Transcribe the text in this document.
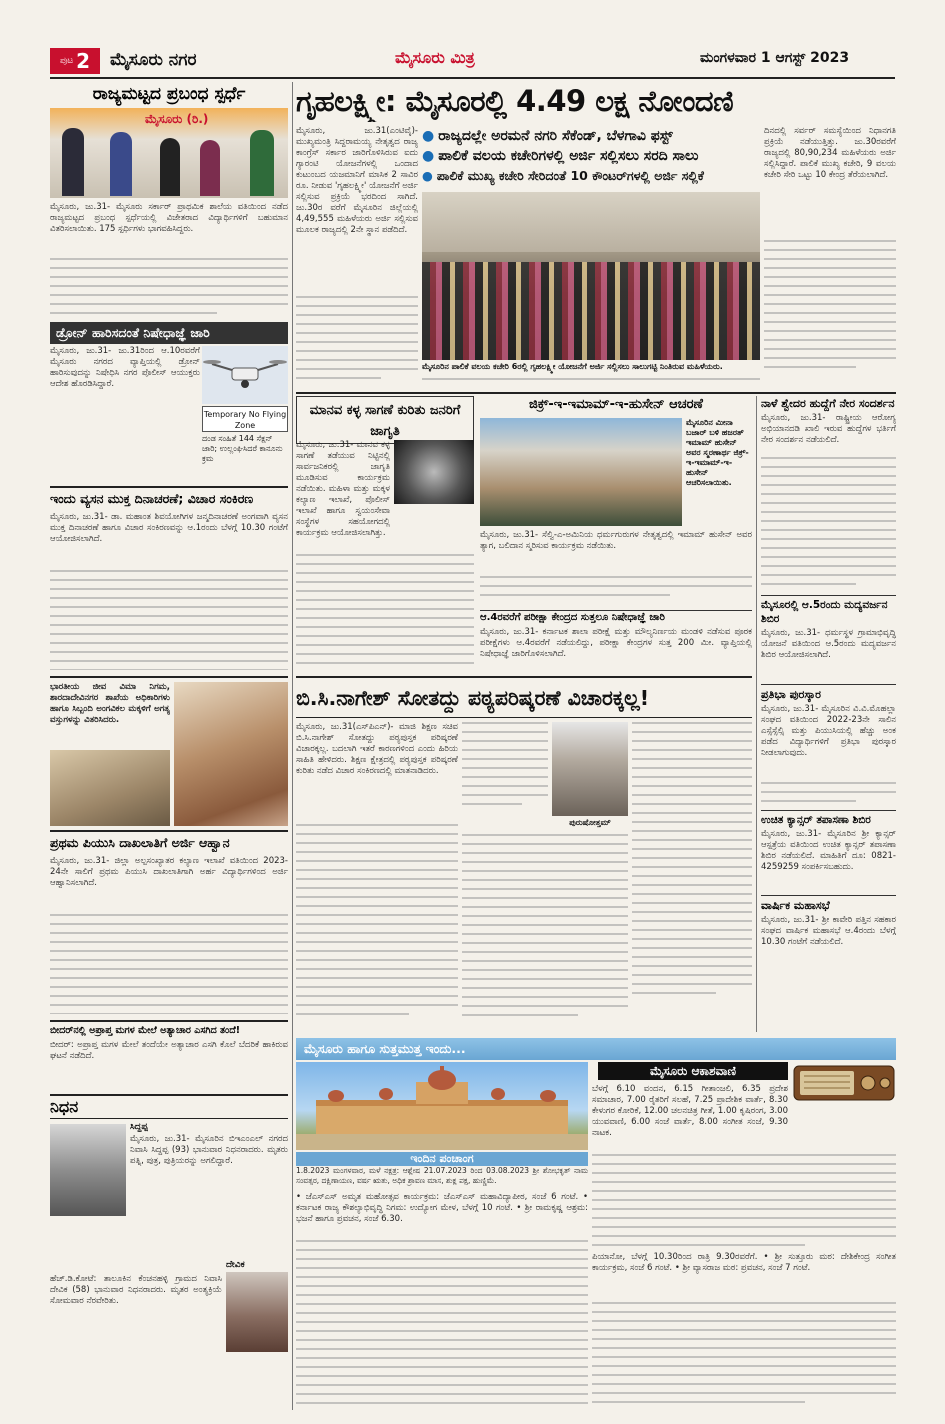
ಪುಟ 2 ಮೈಸೂರು ನಗರ	ಮೈಸೂರು ಮಿತ್ರ	ಮಂಗಳವಾರ 1 ಆಗಸ್ಟ್ 2023
ರಾಜ್ಯಮಟ್ಟದ ಪ್ರಬಂಧ ಸ್ಪರ್ಧೆ
ಮೈಸೂರು (ರಿ.)
ಮೈಸೂರು, ಜು.31- ಮೈಸೂರು ಸರ್ಕಾರ್ ಪ್ರಾಥಮಿಕ ಶಾಲೆಯ ವತಿಯಿಂದ ನಡೆದ ರಾಜ್ಯಮಟ್ಟದ ಪ್ರಬಂಧ ಸ್ಪರ್ಧೆಯಲ್ಲಿ ವಿಜೇತರಾದ ವಿದ್ಯಾರ್ಥಿಗಳಿಗೆ ಬಹುಮಾನ ವಿತರಿಸಲಾಯಿತು. 175 ಸ್ಪರ್ಧಿಗಳು ಭಾಗವಹಿಸಿದ್ದರು.
ಡ್ರೋನ್ ಹಾರಿಸದಂತೆ ನಿಷೇಧಾಜ್ಞೆ ಜಾರಿ
ಮೈಸೂರು, ಜು.31- ಜು.31ರಿಂದ ಆ.10ರವರೆಗೆ ಮೈಸೂರು ನಗರದ ವ್ಯಾಪ್ತಿಯಲ್ಲಿ ಡ್ರೋನ್ ಹಾರಿಸುವುದನ್ನು ನಿಷೇಧಿಸಿ ನಗರ ಪೊಲೀಸ್ ಆಯುಕ್ತರು ಆದೇಶ ಹೊರಡಿಸಿದ್ದಾರೆ.
Temporary No Flying Zone
ದಂಡ ಸಂಹಿತೆ 144 ಸೆಕ್ಷನ್ ಜಾರಿ; ಉಲ್ಲಂಘಿಸಿದರೆ ಕಾನೂನು ಕ್ರಮ
ಇಂದು ವ್ಯಸನ ಮುಕ್ತ ದಿನಾಚರಣೆ; ವಿಚಾರ ಸಂಕಿರಣ
ಮೈಸೂರು, ಜು.31- ಡಾ. ಮಹಾಂತ ಶಿವಯೋಗಿಗಳ ಜನ್ಮದಿನಾಚರಣೆ ಅಂಗವಾಗಿ ವ್ಯಸನ ಮುಕ್ತ ದಿನಾಚರಣೆ ಹಾಗೂ ವಿಚಾರ ಸಂಕಿರಣವನ್ನು ಆ.1ರಂದು ಬೆಳಗ್ಗೆ 10.30 ಗಂಟೆಗೆ ಆಯೋಜಿಸಲಾಗಿದೆ.
ಭಾರತೀಯ ಜೀವ ವಿಮಾ ನಿಗಮ, ಶಾರದಾದೇವಿನಗರ ಶಾಖೆಯ ಅಧಿಕಾರಿಗಳು ಹಾಗೂ ಸಿಬ್ಬಂದಿ ಅಂಗವಿಕಲ ಮಕ್ಕಳಿಗೆ ಅಗತ್ಯ ವಸ್ತುಗಳನ್ನು ವಿತರಿಸಿದರು.
ಪ್ರಥಮ ಪಿಯುಸಿ ದಾಖಲಾತಿಗೆ ಅರ್ಜಿ ಆಹ್ವಾನ
ಮೈಸೂರು, ಜು.31- ಜಿಲ್ಲಾ ಅಲ್ಪಸಂಖ್ಯಾತರ ಕಲ್ಯಾಣ ಇಲಾಖೆ ವತಿಯಿಂದ 2023-24ನೇ ಸಾಲಿಗೆ ಪ್ರಥಮ ಪಿಯುಸಿ ದಾಖಲಾತಿಗಾಗಿ ಅರ್ಹ ವಿದ್ಯಾರ್ಥಿಗಳಿಂದ ಅರ್ಜಿ ಆಹ್ವಾನಿಸಲಾಗಿದೆ.
ಬೀದರ್‌ನಲ್ಲಿ ಅಪ್ರಾಪ್ತ ಮಗಳ ಮೇಲೆ ಅತ್ಯಾಚಾರ ಎಸಗಿದ ತಂದೆ!
ಬೀದರ್: ಅಪ್ರಾಪ್ತ ಮಗಳ ಮೇಲೆ ತಂದೆಯೇ ಅತ್ಯಾಚಾರ ಎಸಗಿ ಕೊಲೆ ಬೆದರಿಕೆ ಹಾಕಿರುವ ಘಟನೆ ನಡೆದಿದೆ.
ನಿಧನ
ಸಿದ್ದಪ್ಪ
ಮೈಸೂರು, ಜು.31- ಮೈಸೂರಿನ ಬಿಇಎಂಎಲ್ ನಗರದ ನಿವಾಸಿ ಸಿದ್ದಪ್ಪ (93) ಭಾನುವಾರ ನಿಧನರಾದರು. ಮೃತರು ಪತ್ನಿ, ಪುತ್ರ, ಪುತ್ರಿಯರನ್ನು ಅಗಲಿದ್ದಾರೆ.
ದೇವಿಕ
ಹೆಚ್.ಡಿ.ಕೋಟೆ: ತಾಲೂಕಿನ ಕೆಂಚನಹಳ್ಳಿ ಗ್ರಾಮದ ನಿವಾಸಿ ದೇವಿಕ (58) ಭಾನುವಾರ ನಿಧನರಾದರು. ಮೃತರ ಅಂತ್ಯಕ್ರಿಯೆ ಸೋಮವಾರ ನೆರವೇರಿತು.
ಗೃಹಲಕ್ಷ್ಮೀ: ಮೈಸೂರಲ್ಲಿ 4.49 ಲಕ್ಷ ನೋಂದಣಿ
ಮೈಸೂರು, ಜು.31(ಎಂಟಿವೈ)- ಮುಖ್ಯಮಂತ್ರಿ ಸಿದ್ದರಾಮಯ್ಯ ನೇತೃತ್ವದ ರಾಜ್ಯ ಕಾಂಗ್ರೆಸ್ ಸರ್ಕಾರ ಜಾರಿಗೊಳಿಸಿರುವ ಐದು ಗ್ಯಾರಂಟಿ ಯೋಜನೆಗಳಲ್ಲಿ ಒಂದಾದ ಕುಟುಂಬದ ಯಜಮಾನಿಗೆ ಮಾಸಿಕ 2 ಸಾವಿರ ರೂ. ನೀಡುವ 'ಗೃಹಲಕ್ಷ್ಮೀ' ಯೋಜನೆಗೆ ಅರ್ಜಿ ಸಲ್ಲಿಸುವ ಪ್ರಕ್ರಿಯೆ ಭರದಿಂದ ಸಾಗಿದೆ. ಜು.30ರ ವರೆಗೆ ಮೈಸೂರಿನ ಜಿಲ್ಲೆಯಲ್ಲಿ 4,49,555 ಮಹಿಳೆಯರು ಅರ್ಜಿ ಸಲ್ಲಿಸುವ ಮೂಲಕ ರಾಜ್ಯದಲ್ಲಿ 2ನೇ ಸ್ಥಾನ ಪಡೆದಿದೆ.
● ರಾಜ್ಯದಲ್ಲೇ ಅರಮನೆ ನಗರಿ ಸೆಕೆಂಡ್, ಬೆಳಗಾವಿ ಫಸ್ಟ್
● ಪಾಲಿಕೆ ವಲಯ ಕಚೇರಿಗಳಲ್ಲಿ ಅರ್ಜಿ ಸಲ್ಲಿಸಲು ಸರದಿ ಸಾಲು
● ಪಾಲಿಕೆ ಮುಖ್ಯ ಕಚೇರಿ ಸೇರಿದಂತೆ 10 ಕೌಂಟರ್‌ಗಳಲ್ಲಿ ಅರ್ಜಿ ಸಲ್ಲಿಕೆ
ಮೈಸೂರಿನ ಪಾಲಿಕೆ ವಲಯ ಕಚೇರಿ 6ರಲ್ಲಿ ಗೃಹಲಕ್ಷ್ಮೀ ಯೋಜನೆಗೆ ಅರ್ಜಿ ಸಲ್ಲಿಸಲು ಸಾಲುಗಟ್ಟಿ ನಿಂತಿರುವ ಮಹಿಳೆಯರು.
ದಿನದಲ್ಲಿ ಸರ್ವರ್ ಸಮಸ್ಯೆಯಿಂದ ನಿಧಾನಗತಿ ಪ್ರಕ್ರಿಯೆ ನಡೆಯುತ್ತಿತ್ತು. ಜು.30ರವರೆಗೆ ರಾಜ್ಯದಲ್ಲಿ 80,90,234 ಮಹಿಳೆಯರು ಅರ್ಜಿ ಸಲ್ಲಿಸಿದ್ದಾರೆ. ಪಾಲಿಕೆ ಮುಖ್ಯ ಕಚೇರಿ, 9 ವಲಯ ಕಚೇರಿ ಸೇರಿ ಒಟ್ಟು 10 ಕೇಂದ್ರ ತೆರೆಯಲಾಗಿದೆ.
ಮಾನವ ಕಳ್ಳ ಸಾಗಣೆ ಕುರಿತು ಜನರಿಗೆ ಜಾಗೃತಿ
ಮೈಸೂರು, ಜು.31- ಮಾನವ ಕಳ್ಳ ಸಾಗಣೆ ತಡೆಯುವ ನಿಟ್ಟಿನಲ್ಲಿ ಸಾರ್ವಜನಿಕರಲ್ಲಿ ಜಾಗೃತಿ ಮೂಡಿಸುವ ಕಾರ್ಯಕ್ರಮ ನಡೆಯಿತು. ಮಹಿಳಾ ಮತ್ತು ಮಕ್ಕಳ ಕಲ್ಯಾಣ ಇಲಾಖೆ, ಪೊಲೀಸ್ ಇಲಾಖೆ ಹಾಗೂ ಸ್ವಯಂಸೇವಾ ಸಂಸ್ಥೆಗಳ ಸಹಯೋಗದಲ್ಲಿ ಕಾರ್ಯಕ್ರಮ ಆಯೋಜಿಸಲಾಗಿತ್ತು.
ಜಿಕ್ರ್-ಇ-ಇಮಾಮ್-ಇ-ಹುಸೇನ್ ಆಚರಣೆ
ಮೈಸೂರಿನ ಮೀನಾ ಬಜಾರ್ ಬಳಿ ಹಜರತ್ ಇಮಾಮ್ ಹುಸೇನ್ ಅವರ ಸ್ಮರಣಾರ್ಥ ಜಿಕ್ರ್-ಇ-ಇಮಾಮ್-ಇ-ಹುಸೇನ್ ಆಚರಿಸಲಾಯಿತು.
ಮೈಸೂರು, ಜು.31- ಸೆಲ್ವಿ-ಎ-ಅಮಿನಿಯ ಧರ್ಮಗುರುಗಳ ನೇತೃತ್ವದಲ್ಲಿ ಇಮಾಮ್ ಹುಸೇನ್ ಅವರ ತ್ಯಾಗ, ಬಲಿದಾನ ಸ್ಮರಿಸುವ ಕಾರ್ಯಕ್ರಮ ನಡೆಯಿತು.
ಆ.4ರವರೆಗೆ ಪರೀಕ್ಷಾ ಕೇಂದ್ರದ ಸುತ್ತಲೂ ನಿಷೇಧಾಜ್ಞೆ ಜಾರಿ
ಮೈಸೂರು, ಜು.31- ಕರ್ನಾಟಕ ಶಾಲಾ ಪರೀಕ್ಷೆ ಮತ್ತು ಮೌಲ್ಯನಿರ್ಣಯ ಮಂಡಳಿ ನಡೆಸುವ ಪೂರಕ ಪರೀಕ್ಷೆಗಳು ಆ.4ರವರೆಗೆ ನಡೆಯಲಿದ್ದು, ಪರೀಕ್ಷಾ ಕೇಂದ್ರಗಳ ಸುತ್ತ 200 ಮೀ. ವ್ಯಾಪ್ತಿಯಲ್ಲಿ ನಿಷೇಧಾಜ್ಞೆ ಜಾರಿಗೊಳಿಸಲಾಗಿದೆ.
ಬಿ.ಸಿ.ನಾಗೇಶ್ ಸೋತದ್ದು ಪಠ್ಯಪರಿಷ್ಕರಣೆ ವಿಚಾರಕ್ಕಲ್ಲ!
ಮೈಸೂರು, ಜು.31(ಎಸ್‌ಪಿಎನ್)- ಮಾಜಿ ಶಿಕ್ಷಣ ಸಚಿವ ಬಿ.ಸಿ.ನಾಗೇಶ್ ಸೋತದ್ದು ಪಠ್ಯಪುಸ್ತಕ ಪರಿಷ್ಕರಣೆ ವಿಚಾರಕ್ಕಲ್ಲ. ಬದಲಾಗಿ ಇತರೆ ಕಾರಣಗಳಿಂದ ಎಂದು ಹಿರಿಯ ಸಾಹಿತಿ ಹೇಳಿದರು. ಶಿಕ್ಷಣ ಕ್ಷೇತ್ರದಲ್ಲಿ ಪಠ್ಯಪುಸ್ತಕ ಪರಿಷ್ಕರಣೆ ಕುರಿತು ನಡೆದ ವಿಚಾರ ಸಂಕಿರಣದಲ್ಲಿ ಮಾತನಾಡಿದರು.
ಪುರುಷೋತ್ತಮ್
ನಾಳೆ ಶ್ವೇದರ ಹುದ್ದೆಗೆ ನೇರ ಸಂದರ್ಶನ
ಮೈಸೂರು, ಜು.31- ರಾಷ್ಟ್ರೀಯ ಆರೋಗ್ಯ ಅಭಿಯಾನದಡಿ ಖಾಲಿ ಇರುವ ಹುದ್ದೆಗಳ ಭರ್ತಿಗೆ ನೇರ ಸಂದರ್ಶನ ನಡೆಯಲಿದೆ.
ಮೈಸೂರಲ್ಲಿ ಆ.5ರಂದು ಮದ್ಯವರ್ಜನ ಶಿಬಿರ
ಮೈಸೂರು, ಜು.31- ಧರ್ಮಸ್ಥಳ ಗ್ರಾಮಾಭಿವೃದ್ಧಿ ಯೋಜನೆ ವತಿಯಿಂದ ಆ.5ರಂದು ಮದ್ಯವರ್ಜನ ಶಿಬಿರ ಆಯೋಜಿಸಲಾಗಿದೆ.
ಪ್ರತಿಭಾ ಪುರಸ್ಕಾರ
ಮೈಸೂರು, ಜು.31- ಮೈಸೂರಿನ ವಿ.ವಿ.ಮೊಹಲ್ಲಾ ಸಂಘದ ವತಿಯಿಂದ 2022-23ನೇ ಸಾಲಿನ ಎಸ್ಸೆಸ್ಸೆಲ್ಸಿ ಮತ್ತು ಪಿಯುಸಿಯಲ್ಲಿ ಹೆಚ್ಚು ಅಂಕ ಪಡೆದ ವಿದ್ಯಾರ್ಥಿಗಳಿಗೆ ಪ್ರತಿಭಾ ಪುರಸ್ಕಾರ ನೀಡಲಾಗುವುದು.
ಉಚಿತ ಕ್ಯಾನ್ಸರ್ ತಪಾಸಣಾ ಶಿಬಿರ
ಮೈಸೂರು, ಜು.31- ಮೈಸೂರಿನ ಶ್ರೀ ಕ್ಯಾನ್ಸರ್ ಆಸ್ಪತ್ರೆಯ ವತಿಯಿಂದ ಉಚಿತ ಕ್ಯಾನ್ಸರ್ ತಪಾಸಣಾ ಶಿಬಿರ ನಡೆಯಲಿದೆ. ಮಾಹಿತಿಗೆ ದೂ: 0821-4259259 ಸಂಪರ್ಕಿಸಬಹುದು.
ವಾರ್ಷಿಕ ಮಹಾಸಭೆ
ಮೈಸೂರು, ಜು.31- ಶ್ರೀ ಕಾವೇರಿ ಪತ್ತಿನ ಸಹಕಾರ ಸಂಘದ ವಾರ್ಷಿಕ ಮಹಾಸಭೆ ಆ.4ರಂದು ಬೆಳಗ್ಗೆ 10.30 ಗಂಟೆಗೆ ನಡೆಯಲಿದೆ.
ಮೈಸೂರು ಹಾಗೂ ಸುತ್ತಮುತ್ತ ಇಂದು...
ಇಂದಿನ ಪಂಚಾಂಗ
1.8.2023 ಮಂಗಳವಾರ, ಮಳೆ ನಕ್ಷತ್ರ: ಆಶ್ಲೇಷ 21.07.2023 ರಿಂದ 03.08.2023 ಶ್ರೀ ಶೋಭಕೃತ್ ನಾಮ ಸಂವತ್ಸರ, ದಕ್ಷಿಣಾಯಣ, ವರ್ಷ ಋತು, ಅಧಿಕ ಶ್ರಾವಣ ಮಾಸ, ಶುಕ್ಲ ಪಕ್ಷ, ಹುಣ್ಣಿಮೆ.
• ಜೆಎಸ್ಎಸ್ ಅಮೃತ ಮಹೋತ್ಸವ ಕಾರ್ಯಕ್ರಮ: ಜೆಎಸ್ಎಸ್ ಮಹಾವಿದ್ಯಾಪೀಠ, ಸಂಜೆ 6 ಗಂಟೆ. • ಕರ್ನಾಟಕ ರಾಜ್ಯ ಕೌಶಲ್ಯಾಭಿವೃದ್ಧಿ ನಿಗಮ: ಉದ್ಯೋಗ ಮೇಳ, ಬೆಳಗ್ಗೆ 10 ಗಂಟೆ. • ಶ್ರೀ ರಾಮಕೃಷ್ಣ ಆಶ್ರಮ: ಭಜನೆ ಹಾಗೂ ಪ್ರವಚನ, ಸಂಜೆ 6.30.
ಮೈಸೂರು ಆಕಾಶವಾಣಿ
ಬೆಳಗ್ಗೆ 6.10 ವಂದನ, 6.15 ಗೀತಾಂಜಲಿ, 6.35 ಪ್ರದೇಶ ಸಮಾಚಾರ, 7.00 ರೈತರಿಗೆ ಸಲಹೆ, 7.25 ಪ್ರಾದೇಶಿಕ ವಾರ್ತೆ, 8.30 ಕೇಳುಗರ ಕೋರಿಕೆ, 12.00 ಚಲನಚಿತ್ರ ಗೀತೆ, 1.00 ಕೃಷಿರಂಗ, 3.00 ಯುವವಾಣಿ, 6.00 ಸಂಜೆ ವಾರ್ತೆ, 8.00 ಸಂಗೀತ ಸಂಜೆ, 9.30 ನಾಟಕ.
ಪಿಯಾನೋ, ಬೆಳಗ್ಗೆ 10.30ರಿಂದ ರಾತ್ರಿ 9.30ರವರೆಗೆ. • ಶ್ರೀ ಸುತ್ತೂರು ಮಠ: ದೇಶಿಕೇಂದ್ರ ಸಂಗೀತ ಕಾರ್ಯಕ್ರಮ, ಸಂಜೆ 6 ಗಂಟೆ. • ಶ್ರೀ ವ್ಯಾಸರಾಜ ಮಠ: ಪ್ರವಚನ, ಸಂಜೆ 7 ಗಂಟೆ.
